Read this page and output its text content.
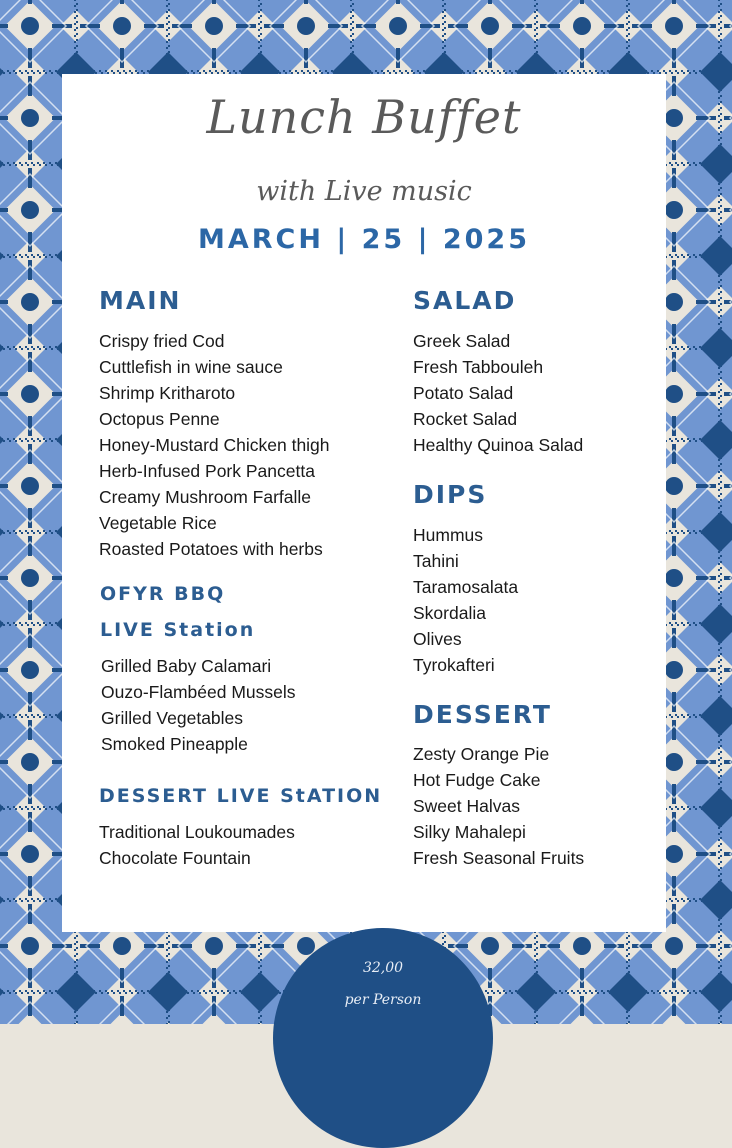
Lunch Buffet
with Live music
MARCH | 25 | 2025
MAIN
Crispy fried Cod
Cuttlefish in wine sauce
Shrimp Kritharoto
Octopus Penne
Honey-Mustard Chicken thigh
Herb-Infused Pork Pancetta
Creamy Mushroom Farfalle
Vegetable Rice
Roasted Potatoes with herbs
OFYR BBQ
LIVE Station
Grilled Baby Calamari
Ouzo-Flambéed Mussels
Grilled Vegetables
Smoked Pineapple
DESSERT LIVE StATION
Traditional Loukoumades
Chocolate Fountain
SALAD
Greek Salad
Fresh Tabbouleh
Potato Salad
Rocket Salad
Healthy Quinoa Salad
DIPS
Hummus
Tahini
Taramosalata
Skordalia
Olives
Tyrokafteri
DESSERT
Zesty Orange Pie
Hot Fudge Cake
Sweet Halvas
Silky Mahalepi
Fresh Seasonal Fruits
32,00
per Person
